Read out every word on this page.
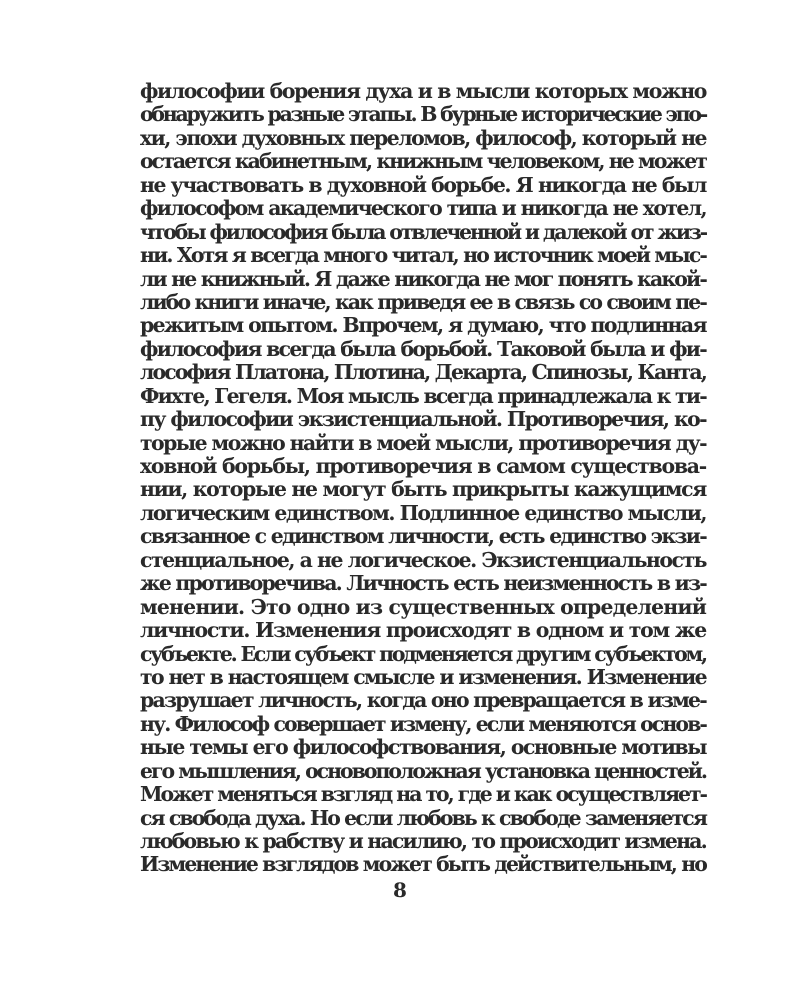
философии борения духа и в мысли которых можно
обнаружить разные этапы. В бурные исторические эпо-
хи, эпохи духовных переломов, философ, который не
остается кабинетным, книжным человеком, не может
не участвовать в духовной борьбе. Я никогда не был
философом академического типа и никогда не хотел,
чтобы философия была отвлеченной и далекой от жиз-
ни. Хотя я всегда много читал, но источник моей мыс-
ли не книжный. Я даже никогда не мог понять какой-
либо книги иначе, как приведя ее в связь со своим пе-
режитым опытом. Впрочем, я думаю, что подлинная
философия всегда была борьбой. Таковой была и фи-
лософия Платона, Плотина, Декарта, Спинозы, Канта,
Фихте, Гегеля. Моя мысль всегда принадлежала к ти-
пу философии экзистенциальной. Противоречия, ко-
торые можно найти в моей мысли, противоречия ду-
ховной борьбы, противоречия в самом существова-
нии, которые не могут быть прикрыты кажущимся
логическим единством. Подлинное единство мысли,
связанное с единством личности, есть единство экзи-
стенциальное, а не логическое. Экзистенциальность
же противоречива. Личность есть неизменность в из-
менении. Это одно из существенных определений
личности. Изменения происходят в одном и том же
субъекте. Если субъект подменяется другим субъектом,
то нет в настоящем смысле и изменения. Изменение
разрушает личность, когда оно превращается в изме-
ну. Философ совершает измену, если меняются основ-
ные темы его философствования, основные мотивы
его мышления, основоположная установка ценностей.
Может меняться взгляд на то, где и как осуществляет-
ся свобода духа. Но если любовь к свободе заменяется
любовью к рабству и насилию, то происходит измена.
Изменение взглядов может быть действительным, но
8
